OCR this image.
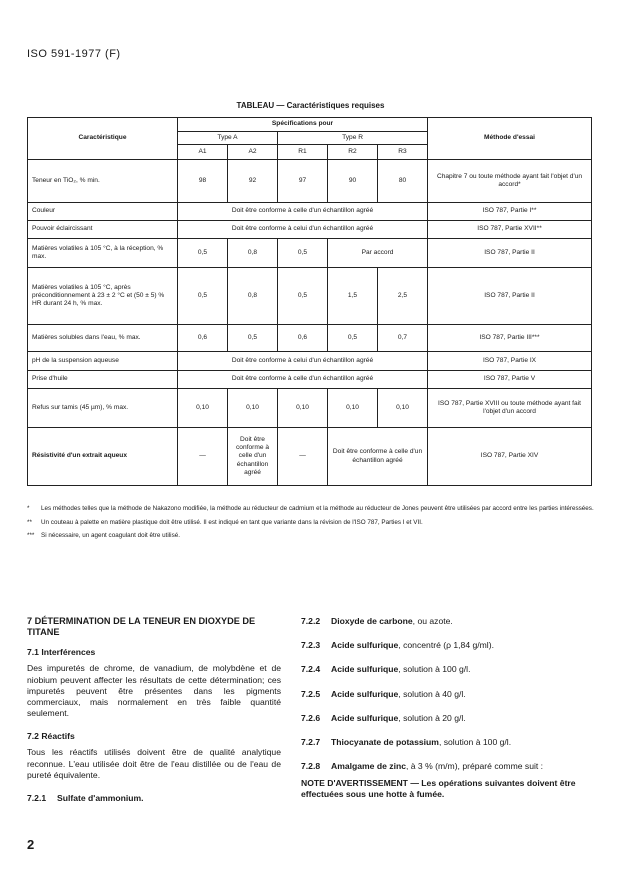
ISO 591-1977 (F)
TABLEAU — Caractéristiques requises
Caractéristique	Spécifications pour					Méthode d'essai
	Type A		Type R			
	A1	A2	R1	R2	R3	
Teneur en TiO₂, % min.	98	92	97	90	80	Chapitre 7 ou toute méthode ayant fait l'objet d'un accord*
Couleur	Doit être conforme à celle d'un échantillon agréé					ISO 787, Partie I**
Pouvoir éclaircissant	Doit être conforme à celui d'un échantillon agréé					ISO 787, Partie XVII**
Matières volatiles à 105 °C, à la réception, % max.	0,5	0,8	0,5	Par accord		ISO 787, Partie II
Matières volatiles à 105 °C, après préconditionnement à 23 ± 2 °C et (50 ± 5) % HR durant 24 h, % max.	0,5	0,8	0,5	1,5	2,5	ISO 787, Partie II
Matières solubles dans l'eau, % max.	0,6	0,5	0,6	0,5	0,7	ISO 787, Partie III***
pH de la suspension aqueuse	Doit être conforme à celui d'un échantillon agréé					ISO 787, Partie IX
Prise d'huile	Doit être conforme à celle d'un échantillon agréé					ISO 787, Partie V
Refus sur tamis (45 µm), % max.	0,10	0,10	0,10	0,10	0,10	ISO 787, Partie XVIII ou toute méthode ayant fait l'objet d'un accord
Résistivité d'un extrait aqueux	—	Doit être conforme à celle d'un échantillon agréé	—	Doit être conforme à celle d'un échantillon agréé		ISO 787, Partie XIV

* Les méthodes telles que la méthode de Nakazono modifiée, la méthode au réducteur de cadmium et la méthode au réducteur de Jones peuvent être utilisées par accord entre les parties intéressées.

** Un couteau à palette en matière plastique doit être utilisé. Il est indiqué en tant que variante dans la révision de l'ISO 787, Parties I et VII.

*** Si nécessaire, un agent coagulant doit être utilisé.

7 DÉTERMINATION DE LA TENEUR EN DIOXYDE DE TITANE
7.1 Interférences
Des impuretés de chrome, de vanadium, de molybdène et de niobium peuvent affecter les résultats de cette détermination; ces impuretés peuvent être présentes dans les pigments commerciaux, mais normalement en très faible quantité seulement.
7.2 Réactifs
Tous les réactifs utilisés doivent être de qualité analytique reconnue. L'eau utilisée doit être de l'eau distillée ou de l'eau de pureté équivalente.
7.2.1 Sulfate d'ammonium.
7.2.2 Dioxyde de carbone, ou azote.
7.2.3 Acide sulfurique, concentré (ρ 1,84 g/ml).
7.2.4 Acide sulfurique, solution à 100 g/l.
7.2.5 Acide sulfurique, solution à 40 g/l.
7.2.6 Acide sulfurique, solution à 20 g/l.
7.2.7 Thiocyanate de potassium, solution à 100 g/l.
7.2.8 Amalgame de zinc, à 3 % (m/m), préparé comme suit :

NOTE D'AVERTISSEMENT — Les opérations suivantes doivent être effectuées sous une hotte à fumée.

2
